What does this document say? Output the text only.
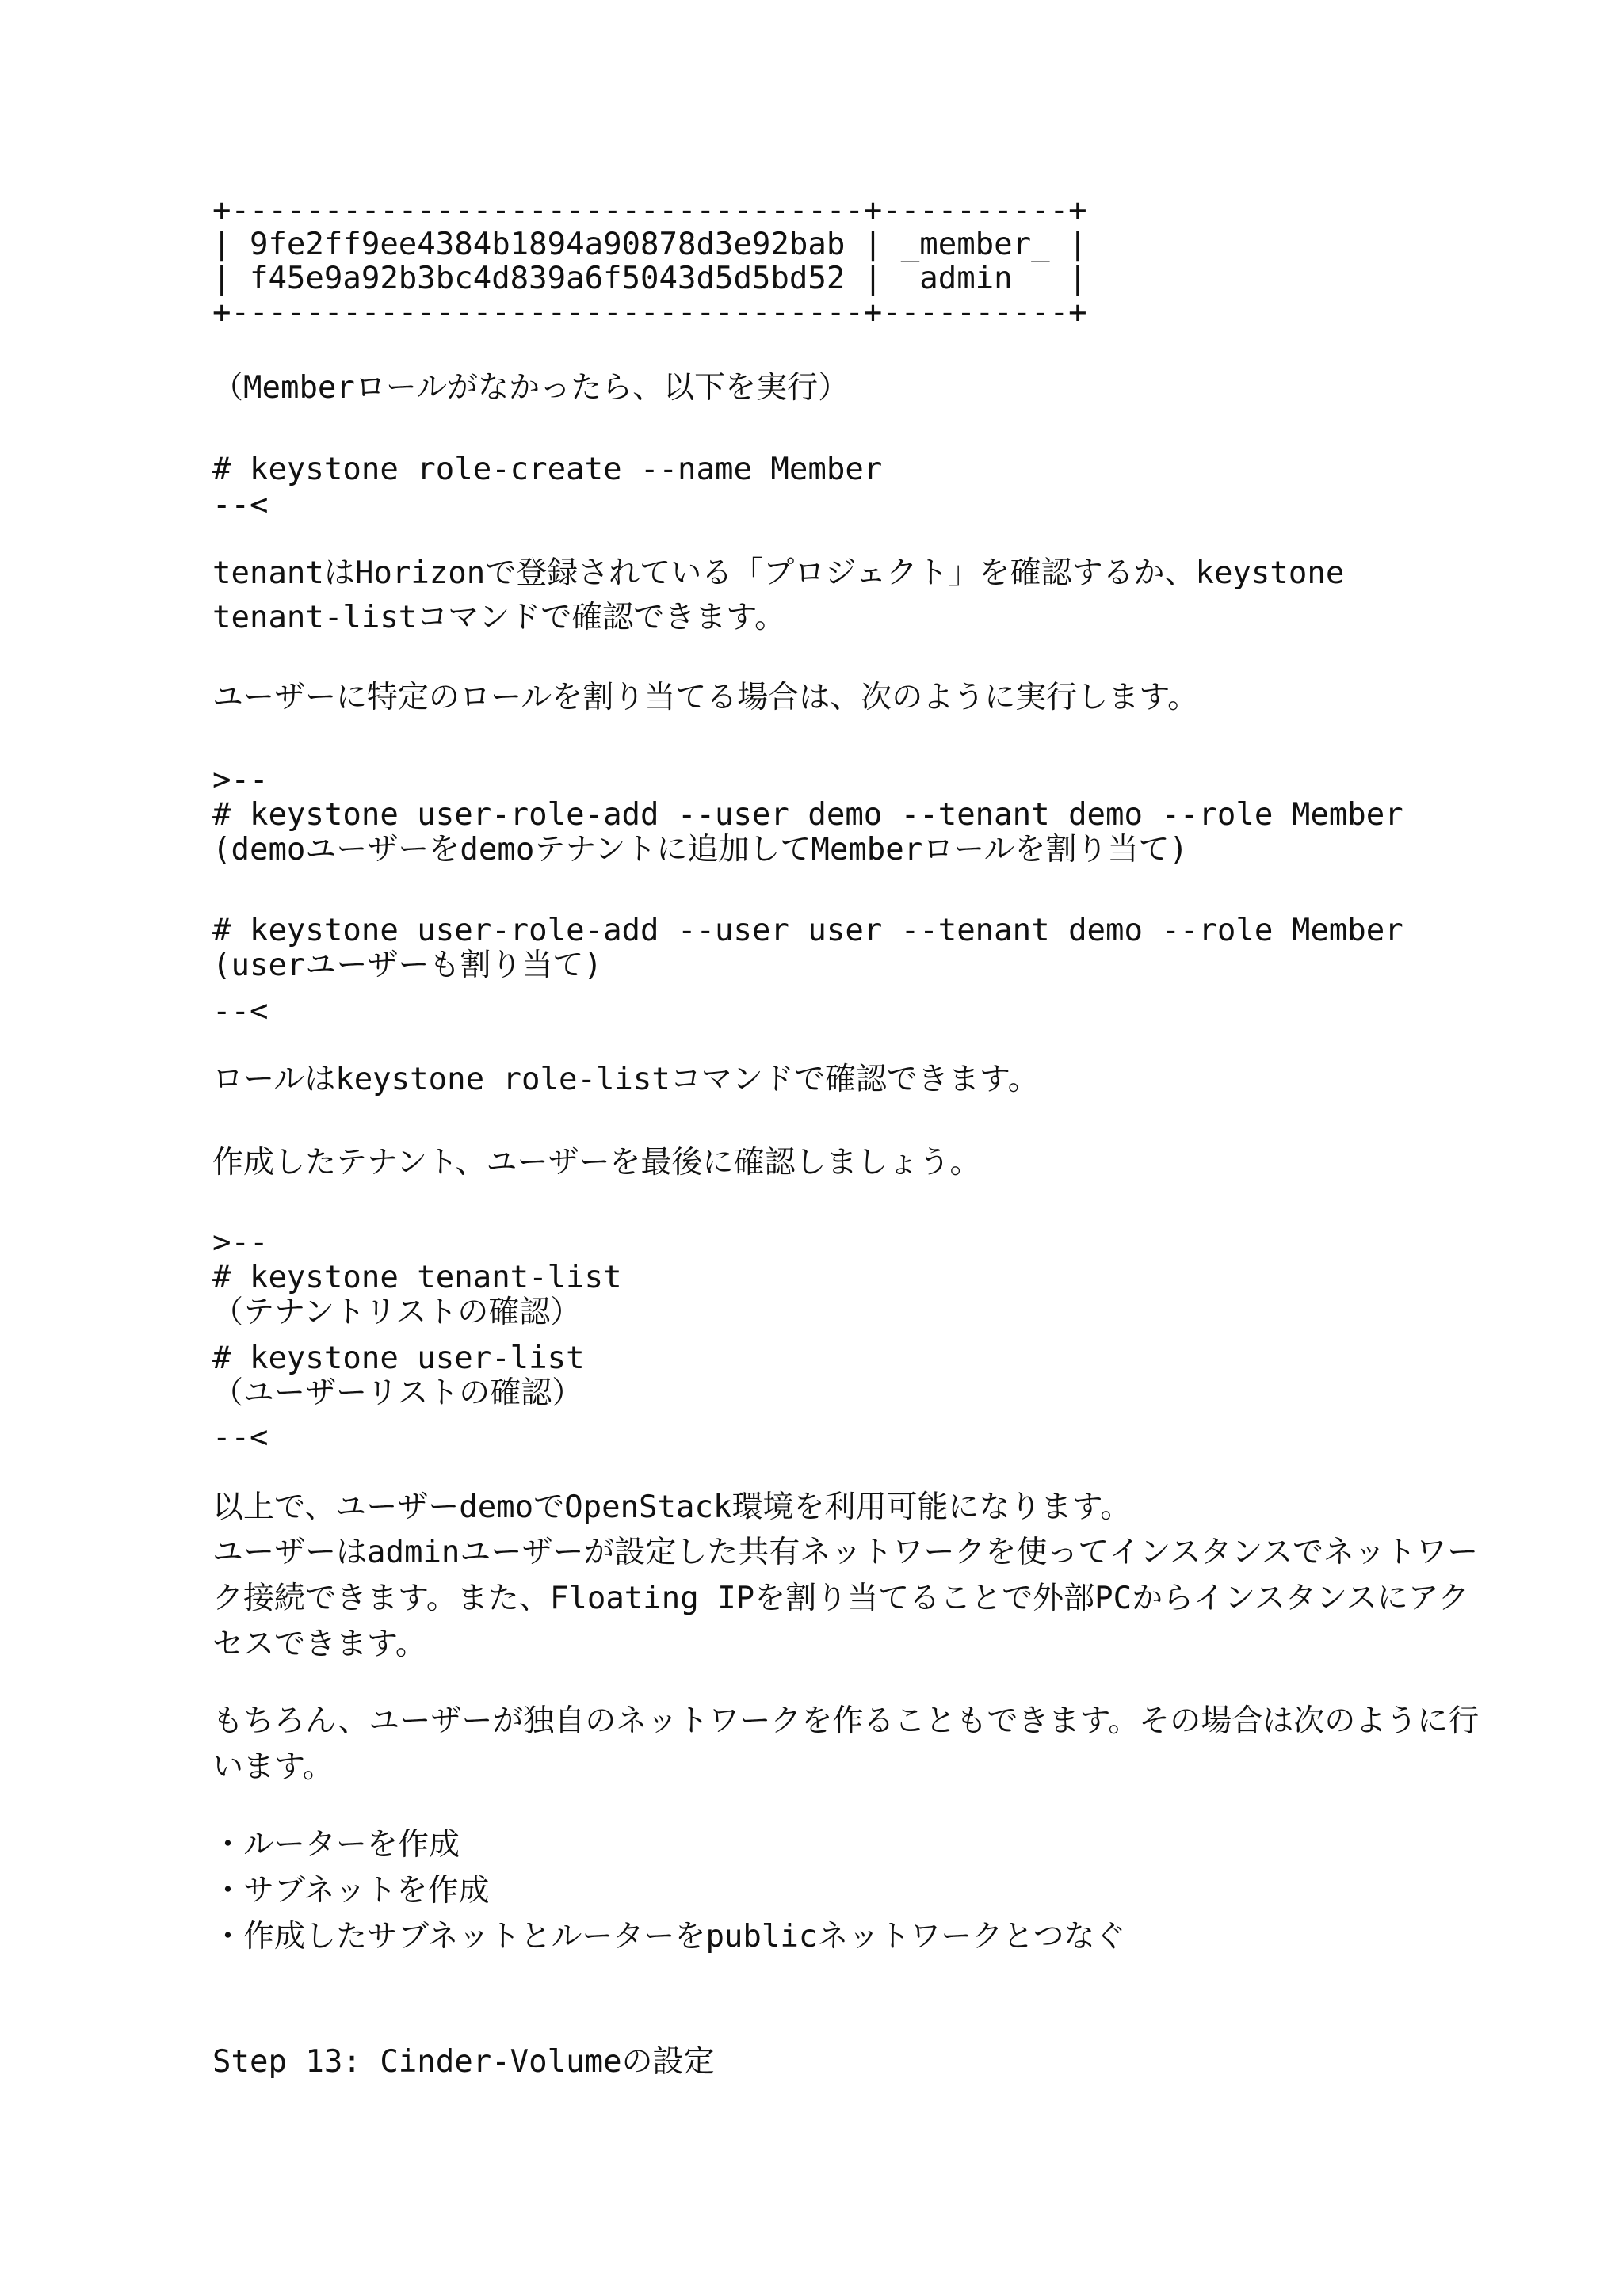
+----------------------------------+----------+
| 9fe2ff9ee4384b1894a90878d3e92bab | _member_ |
| f45e9a92b3bc4d839a6f5043d5d5bd52 |  admin   |
+----------------------------------+----------+
（Memberロールがなかったら、以下を実行）
# keystone role-create --name Member
--<
tenantはHorizonで登録されている「プロジェクト」を確認するか、keystone
tenant-listコマンドで確認できます。
ユーザーに特定のロールを割り当てる場合は、次のように実行します。
>--
# keystone user-role-add --user demo --tenant demo --role Member
(demoユーザーをdemoテナントに追加してMemberロールを割り当て)
# keystone user-role-add --user user --tenant demo --role Member
(userユーザーも割り当て)
--<
ロールはkeystone role-listコマンドで確認できます。
作成したテナント、ユーザーを最後に確認しましょう。
>--
# keystone tenant-list
（テナントリストの確認）
# keystone user-list
（ユーザーリストの確認）
--<
以上で、ユーザーdemoでOpenStack環境を利用可能になります。
ユーザーはadminユーザーが設定した共有ネットワークを使ってインスタンスでネットワー
ク接続できます。また、Floating IPを割り当てることで外部PCからインスタンスにアク
セスできます。
もちろん、ユーザーが独自のネットワークを作ることもできます。その場合は次のように行
います。
・ルーターを作成
・サブネットを作成
・作成したサブネットとルーターをpublicネットワークとつなぐ
Step 13: Cinder-Volumeの設定
